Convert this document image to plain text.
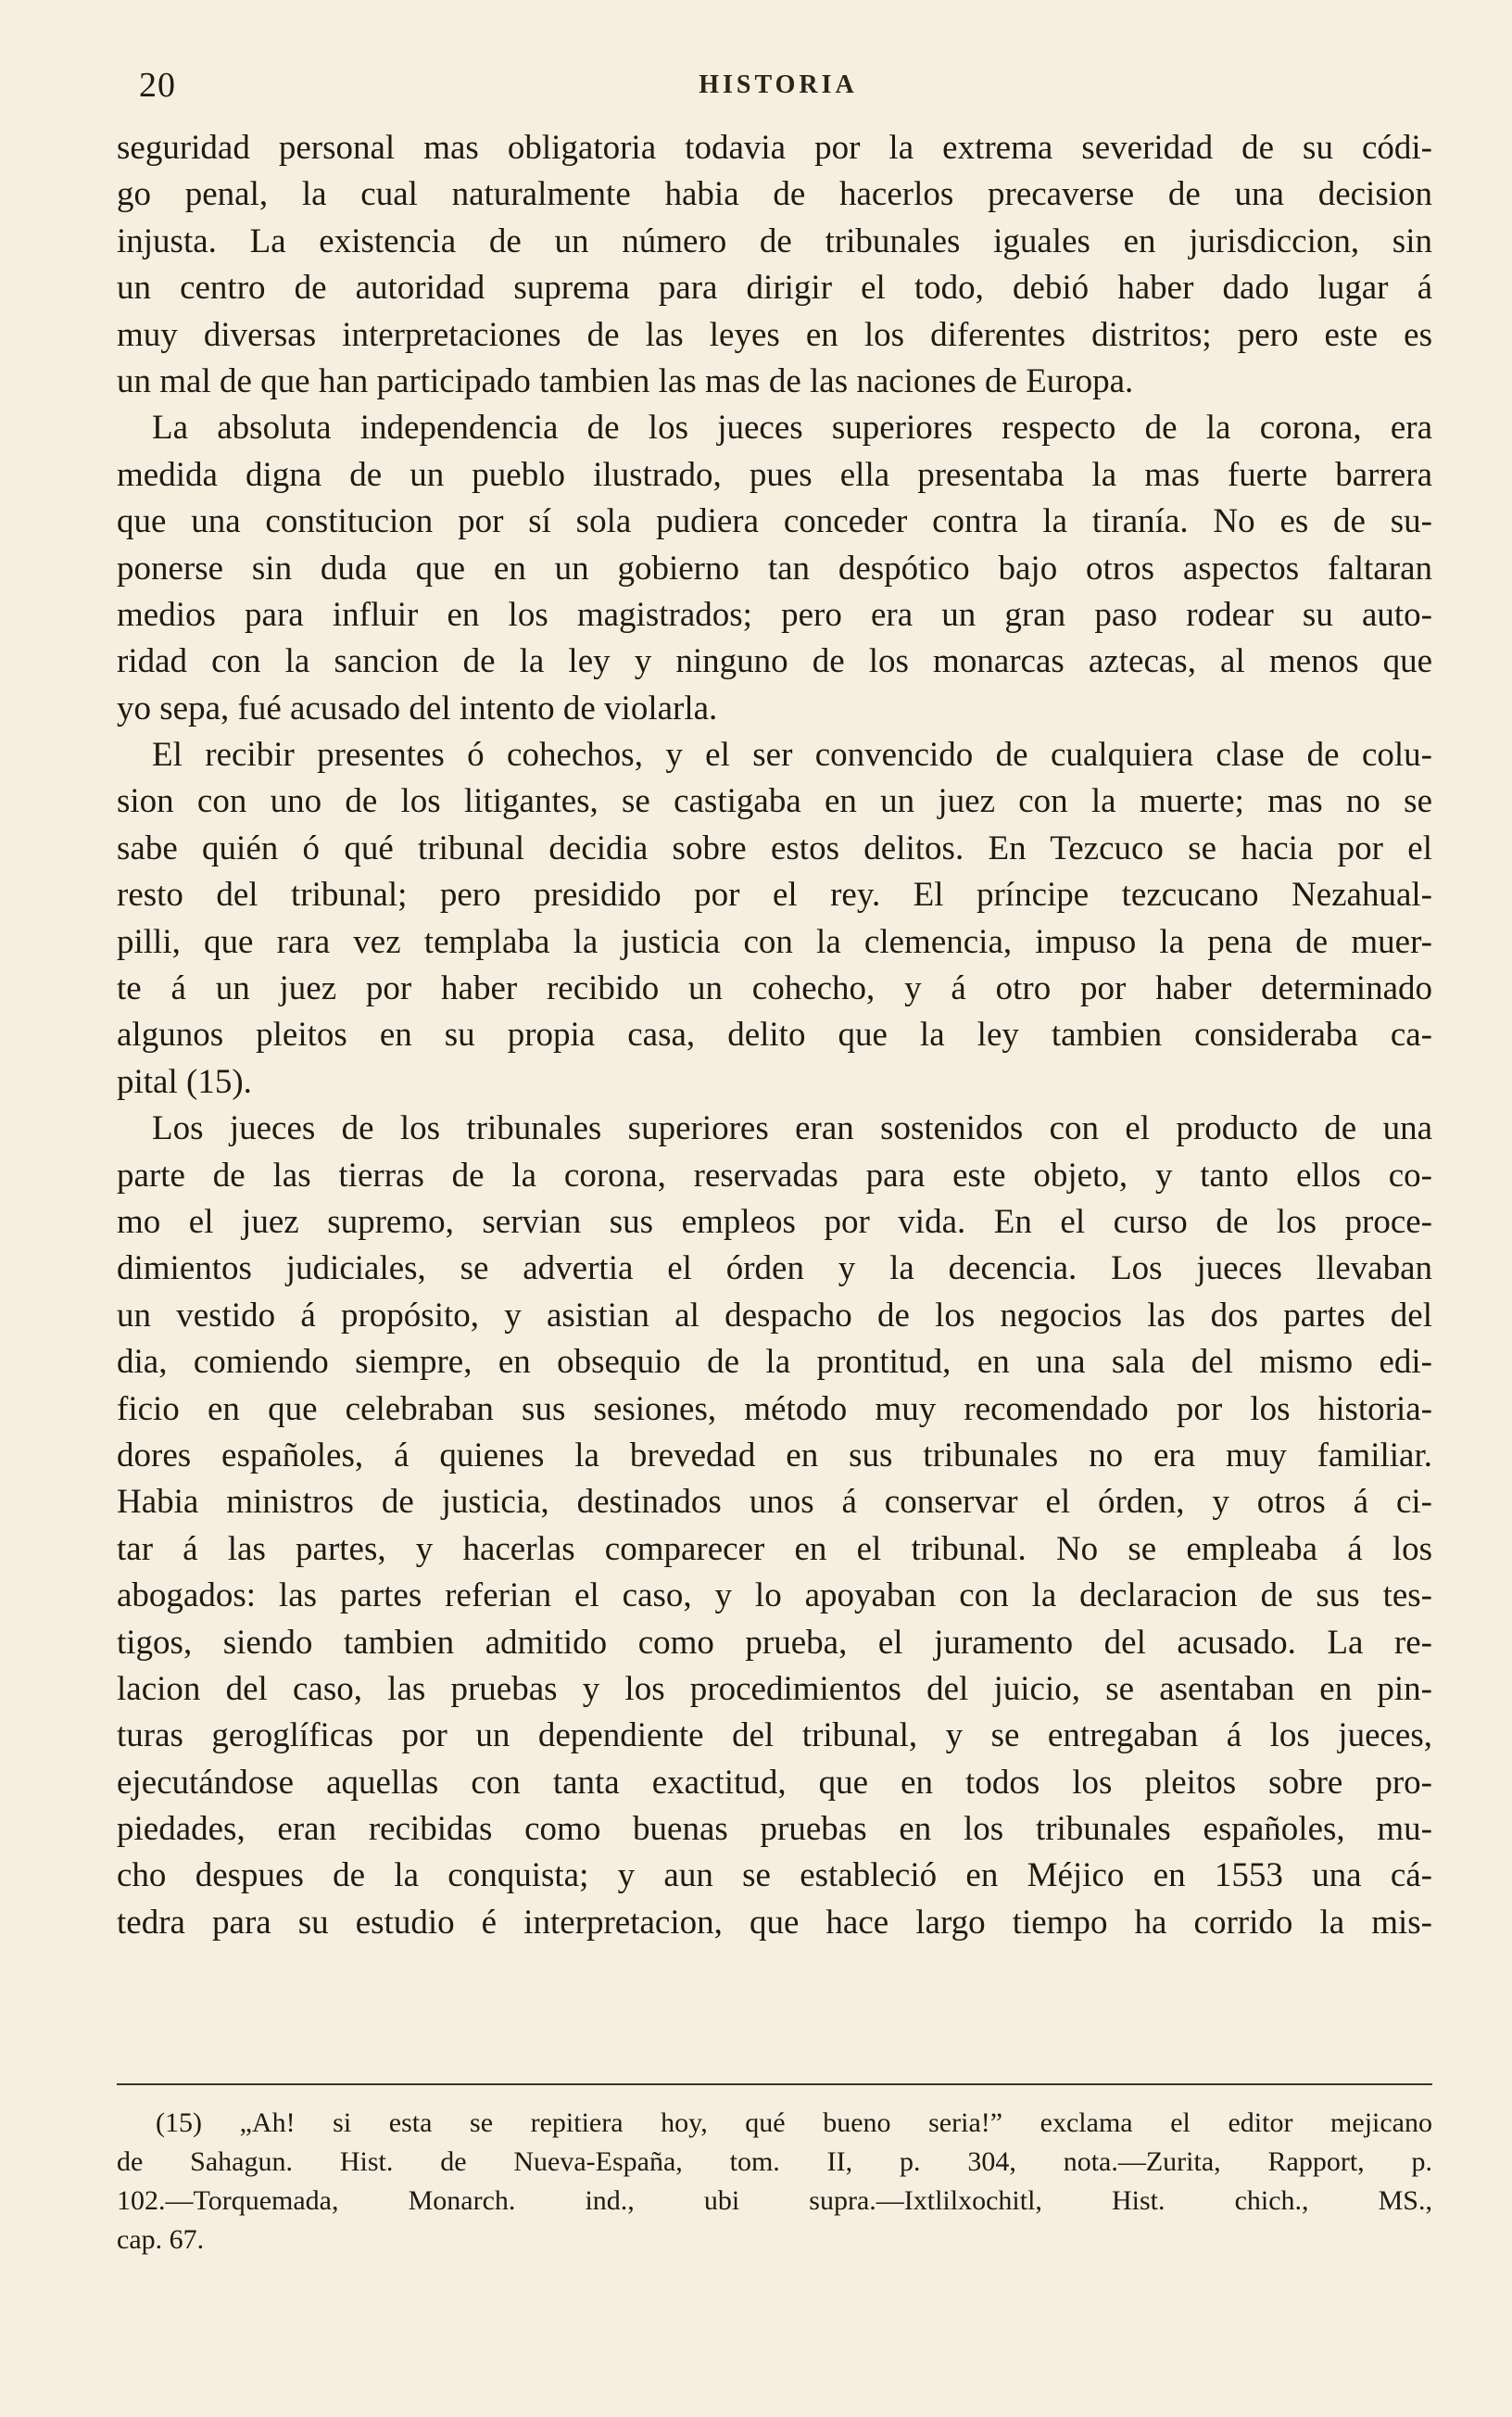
20	HISTORIA
seguridad personal mas obligatoria todavia por la extrema severidad de su códi-
go penal, la cual naturalmente habia de hacerlos precaverse de una decision
injusta. La existencia de un número de tribunales iguales en jurisdiccion, sin
un centro de autoridad suprema para dirigir el todo, debió haber dado lugar á
muy diversas interpretaciones de las leyes en los diferentes distritos; pero este es
un mal de que han participado tambien las mas de las naciones de Europa.
La absoluta independencia de los jueces superiores respecto de la corona, era
medida digna de un pueblo ilustrado, pues ella presentaba la mas fuerte barrera
que una constitucion por sí sola pudiera conceder contra la tiranía. No es de su-
ponerse sin duda que en un gobierno tan despótico bajo otros aspectos faltaran
medios para influir en los magistrados; pero era un gran paso rodear su auto-
ridad con la sancion de la ley y ninguno de los monarcas aztecas, al menos que
yo sepa, fué acusado del intento de violarla.
El recibir presentes ó cohechos, y el ser convencido de cualquiera clase de colu-
sion con uno de los litigantes, se castigaba en un juez con la muerte; mas no se
sabe quién ó qué tribunal decidia sobre estos delitos. En Tezcuco se hacia por el
resto del tribunal; pero presidido por el rey. El príncipe tezcucano Nezahual-
pilli, que rara vez templaba la justicia con la clemencia, impuso la pena de muer-
te á un juez por haber recibido un cohecho, y á otro por haber determinado
algunos pleitos en su propia casa, delito que la ley tambien consideraba ca-
pital (15).
Los jueces de los tribunales superiores eran sostenidos con el producto de una
parte de las tierras de la corona, reservadas para este objeto, y tanto ellos co-
mo el juez supremo, servian sus empleos por vida. En el curso de los proce-
dimientos judiciales, se advertia el órden y la decencia. Los jueces llevaban
un vestido á propósito, y asistian al despacho de los negocios las dos partes del
dia, comiendo siempre, en obsequio de la prontitud, en una sala del mismo edi-
ficio en que celebraban sus sesiones, método muy recomendado por los historia-
dores españoles, á quienes la brevedad en sus tribunales no era muy familiar.
Habia ministros de justicia, destinados unos á conservar el órden, y otros á ci-
tar á las partes, y hacerlas comparecer en el tribunal. No se empleaba á los
abogados: las partes referian el caso, y lo apoyaban con la declaracion de sus tes-
tigos, siendo tambien admitido como prueba, el juramento del acusado. La re-
lacion del caso, las pruebas y los procedimientos del juicio, se asentaban en pin-
turas geroglíficas por un dependiente del tribunal, y se entregaban á los jueces,
ejecutándose aquellas con tanta exactitud, que en todos los pleitos sobre pro-
piedades, eran recibidas como buenas pruebas en los tribunales españoles, mu-
cho despues de la conquista; y aun se estableció en Méjico en 1553 una cá-
tedra para su estudio é interpretacion, que hace largo tiempo ha corrido la mis-
(15) „Ah! si esta se repitiera hoy, qué bueno seria!” exclama el editor mejicano
de Sahagun. Hist. de Nueva-España, tom. II, p. 304, nota.—Zurita, Rapport, p.
102.—Torquemada, Monarch. ind., ubi supra.—Ixtlilxochitl, Hist. chich., MS.,
cap. 67.
